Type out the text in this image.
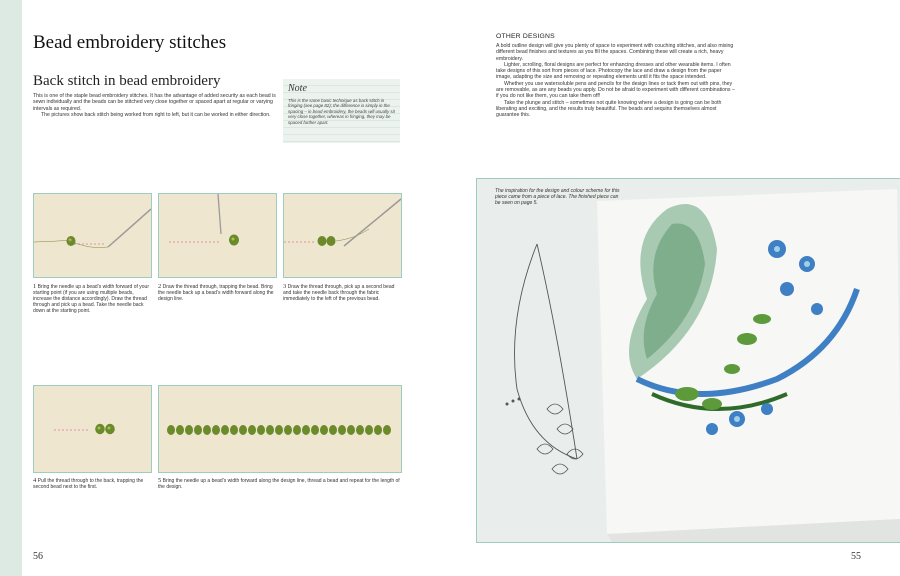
Bead embroidery stitches
Back stitch in bead embroidery

This is one of the staple bead embroidery stitches. It has the advantage of added security as each bead is sewn individually and the beads can be stitched very close together or spaced apart at regular or varying intervals as required.

The pictures show back stitch being worked from right to left, but it can be worked in either direction.

Note
This is the same basic technique as back stitch in fringing (see page 82); the difference is simply in the spacing – in bead embroidery, the beads will usually sit very close together, whereas in fringing, they may be spaced further apart.
1 Bring the needle up a bead’s width forward of your starting point (if you are using multiple beads, increase the distance accordingly). Draw the thread through and pick up a bead. Take the needle back down at the starting point.
2 Draw the thread through, trapping the bead. Bring the needle back up a bead’s width forward along the design line.
3 Draw the thread through, pick up a second bead and take the needle back through the fabric immediately to the left of the previous bead.
4 Pull the thread through to the back, trapping the second bead next to the first.
5 Bring the needle up a bead’s width forward along the design line, thread a bead and repeat for the length of the design.
56
OTHER DESIGNS

A bold outline design will give you plenty of space to experiment with couching stitches, and also mixing different bead finishes and textures as you fill the spaces. Combining these will create a rich, heavy embroidery.

Lighter, scrolling, floral designs are perfect for enhancing dresses and other wearable items. I often take designs of this sort from pieces of lace. Photocopy the lace and draw a design from the paper image, adapting the size and removing or repeating elements until it fits the space intended.

Whether you use watersoluble pens and pencils for the design lines or tack them out with pins, they are removable, as are any beads you apply. Do not be afraid to experiment with different combinations – if you do not like them, you can take them off!

Take the plunge and stitch – sometimes not quite knowing where a design is going can be both liberating and exciting, and the results truly beautiful. The beads and sequins themselves almost guarantee this.

The inspiration for the design and colour scheme for this piece came from a piece of lace. The finished piece can be seen on page 5.
55
